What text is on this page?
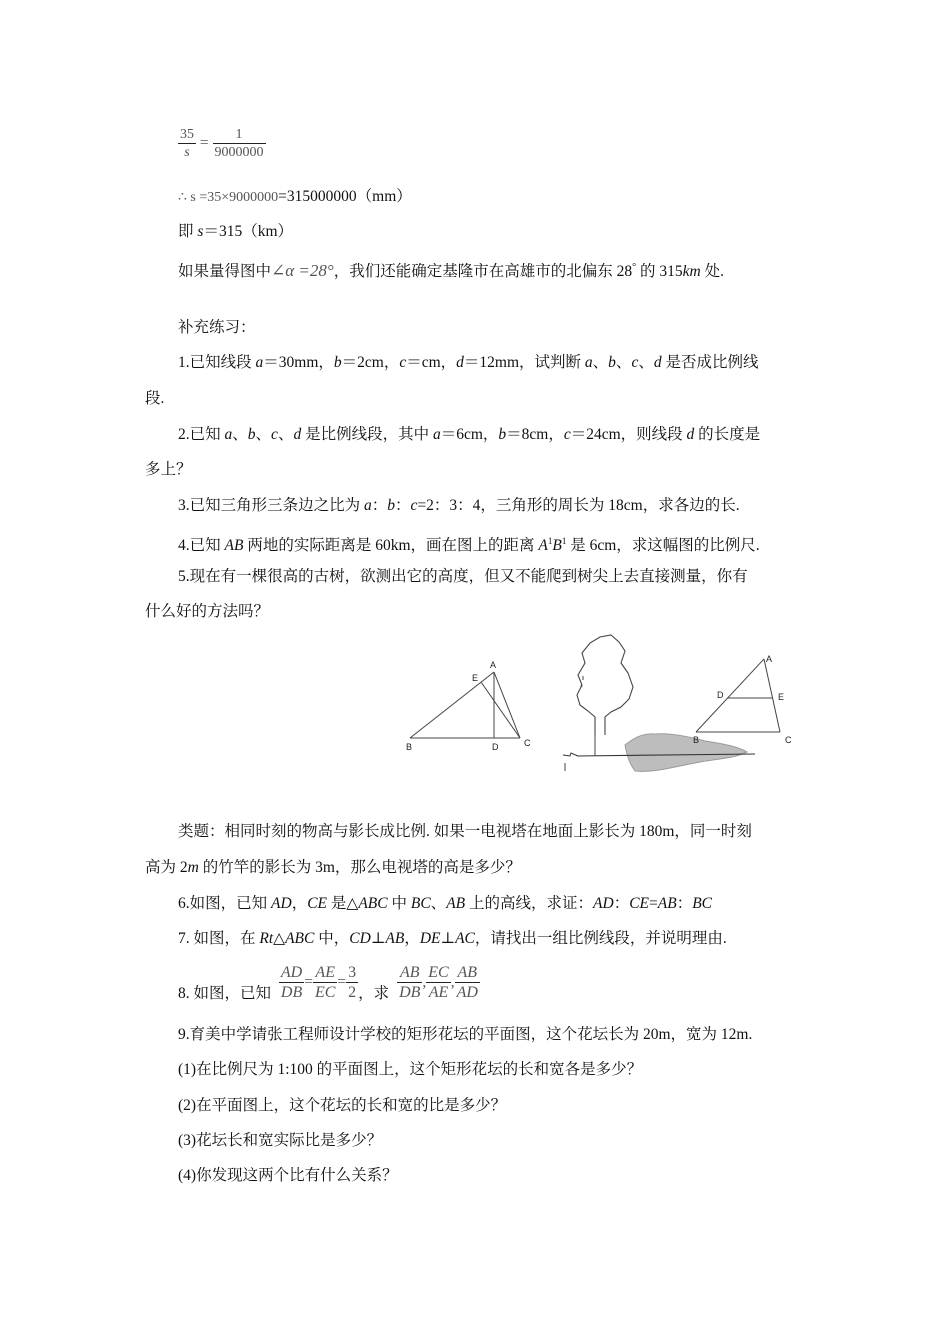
$\frac{35}{s} = \frac{1}{9000000}$
∴ s =35×9000000=315000000（mm）
即 s＝315（km）
如果量得图中∠α =28°，我们还能确定基隆市在高雄市的北偏东 28° 的 315km 处.
补充练习：
1.已知线段 a＝30mm，b＝2cm，c＝cm，d＝12mm，试判断 a、b、c、d 是否成比例线
段.
2.已知 a、b、c、d 是比例线段，其中 a＝6cm，b＝8cm，c＝24cm，则线段 d 的长度是
多上？
3.已知三角形三条边之比为 a：b：c=2：3：4，三角形的周长为 18cm，求各边的长.
4.已知 AB 两地的实际距离是 60km，画在图上的距离 $A^1B^1$ 是 6cm，求这幅图的比例尺.
5.现在有一棵很高的古树，欲测出它的高度，但又不能爬到树尖上去直接测量，你有
什么好的方法吗？
A
E
B	D	C
A
D	E
B	C
类题：相同时刻的物高与影长成比例. 如果一电视塔在地面上影长为 180m，同一时刻
高为 2m 的竹竿的影长为 3m，那么电视塔的高是多少？
6.如图，已知 AD，CE 是△ABC 中 BC、AB 上的高线，求证：AD：CE=AB：BC
7. 如图，在 Rt△ABC 中，CD⊥AB，DE⊥AC，请找出一组比例线段，并说明理由.
8. 如图，已知 $\frac{AD}{DB} = \frac{AE}{EC} = \frac{3}{2}$ ，求 $\frac{AB}{DB}$ , $\frac{EC}{AE}$ , $\frac{AB}{AD}$
9.育美中学请张工程师设计学校的矩形花坛的平面图，这个花坛长为 20m，宽为 12m.
(1)在比例尺为 1:100 的平面图上，这个矩形花坛的长和宽各是多少？
(2)在平面图上，这个花坛的长和宽的比是多少？
(3)花坛长和宽实际比是多少？
(4)你发现这两个比有什么关系？
